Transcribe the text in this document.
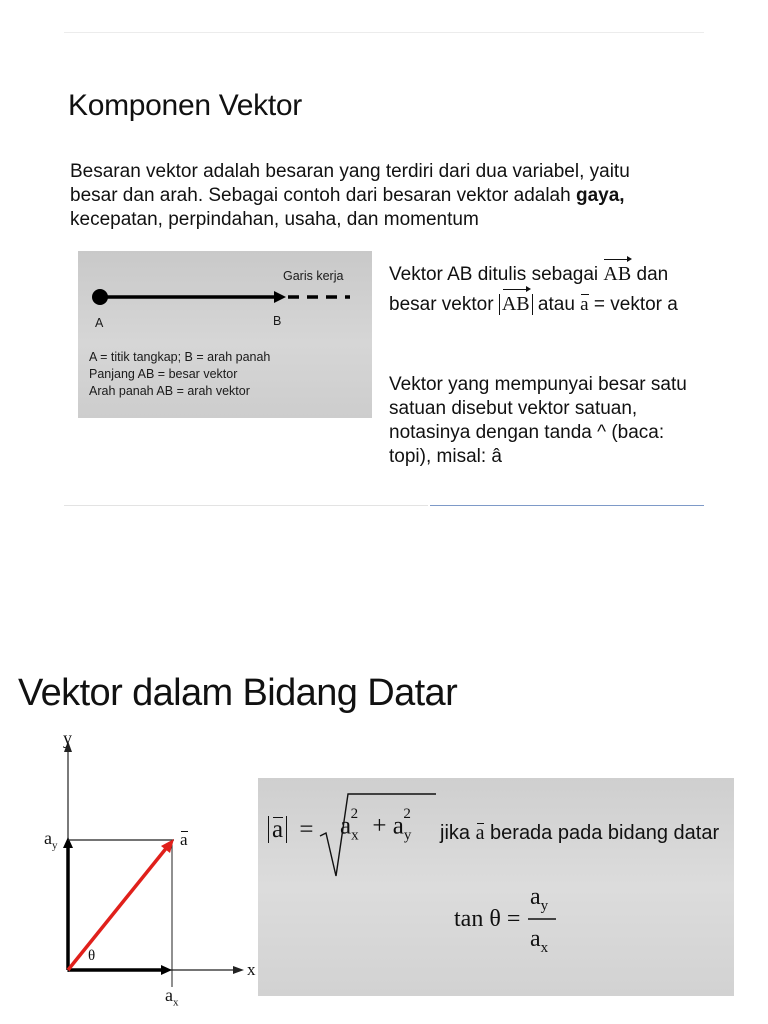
Komponen Vektor
Besaran vektor adalah besaran yang terdiri dari dua variabel, yaitu besar dan arah. Sebagai contoh dari besaran vektor adalah gaya, kecepatan, perpindahan, usaha, dan momentum
Garis kerja
A	B
A = titik tangkap; B = arah panah
Panjang AB = besar vektor
Arah panah AB = arah vektor
Vektor AB ditulis sebagai AB dan
besar vektor AB atau a = vektor a
Vektor yang mempunyai besar satu satuan disebut vektor satuan, notasinya dengan tanda ^ (baca: topi), misal: â
Vektor dalam Bidang Datar
y
x
$a_y$
$a_x$
a
θ
$a = a_x^2 + a_y^2$
jika a berada pada bidang datar
tan θ =
$a_y$
$a_x$
